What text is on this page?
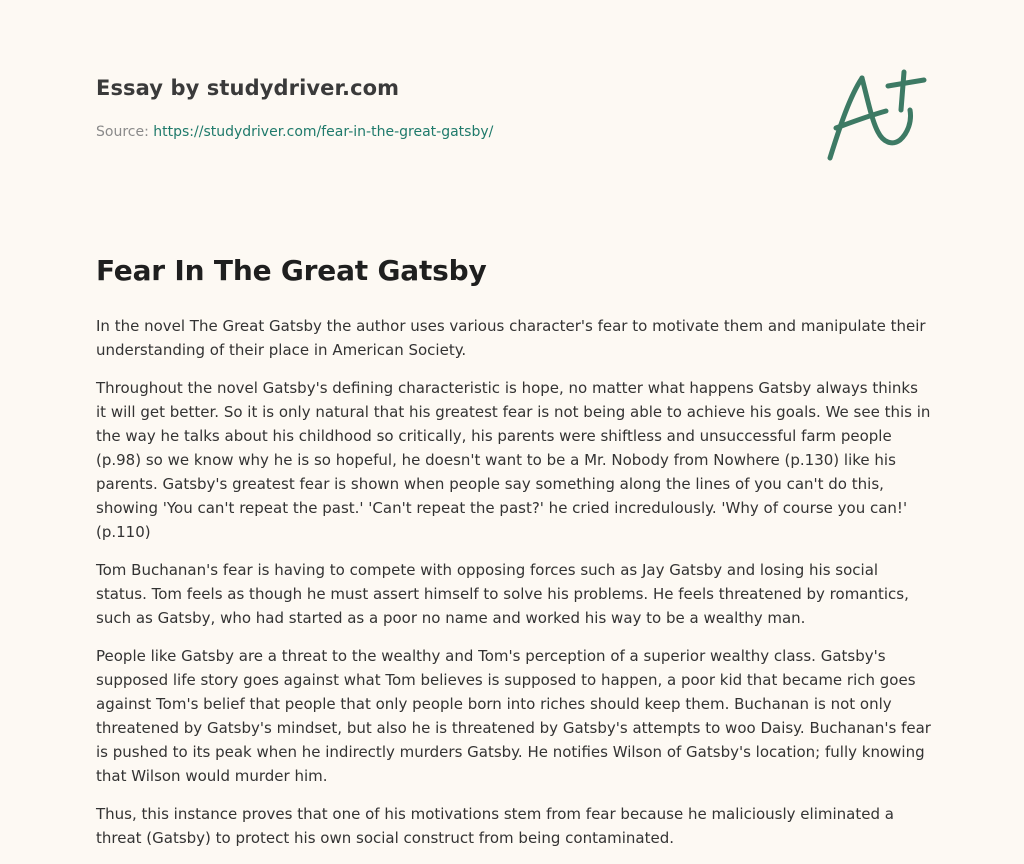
Essay by studydriver.com
Source: https://studydriver.com/fear-in-the-great-gatsby/
Fear In The Great Gatsby

In the novel The Great Gatsby the author uses various character's fear to motivate them and manipulate their understanding of their place in American Society.

Throughout the novel Gatsby's defining characteristic is hope, no matter what happens Gatsby always thinks it will get better. So it is only natural that his greatest fear is not being able to achieve his goals. We see this in the way he talks about his childhood so critically, his parents were shiftless and unsuccessful farm people (p.98) so we know why he is so hopeful, he doesn't want to be a Mr. Nobody from Nowhere (p.130) like his parents. Gatsby's greatest fear is shown when people say something along the lines of you can't do this, showing 'You can't repeat the past.' 'Can't repeat the past?' he cried incredulously. 'Why of course you can!' (p.110)

Tom Buchanan's fear is having to compete with opposing forces such as Jay Gatsby and losing his social status. Tom feels as though he must assert himself to solve his problems. He feels threatened by romantics, such as Gatsby, who had started as a poor no name and worked his way to be a wealthy man.

People like Gatsby are a threat to the wealthy and Tom's perception of a superior wealthy class. Gatsby's supposed life story goes against what Tom believes is supposed to happen, a poor kid that became rich goes against Tom's belief that people that only people born into riches should keep them. Buchanan is not only threatened by Gatsby's mindset, but also he is threatened by Gatsby's attempts to woo Daisy. Buchanan's fear is pushed to its peak when he indirectly murders Gatsby. He notifies Wilson of Gatsby's location; fully knowing that Wilson would murder him.

Thus, this instance proves that one of his motivations stem from fear because he maliciously eliminated a threat (Gatsby) to protect his own social construct from being contaminated.
